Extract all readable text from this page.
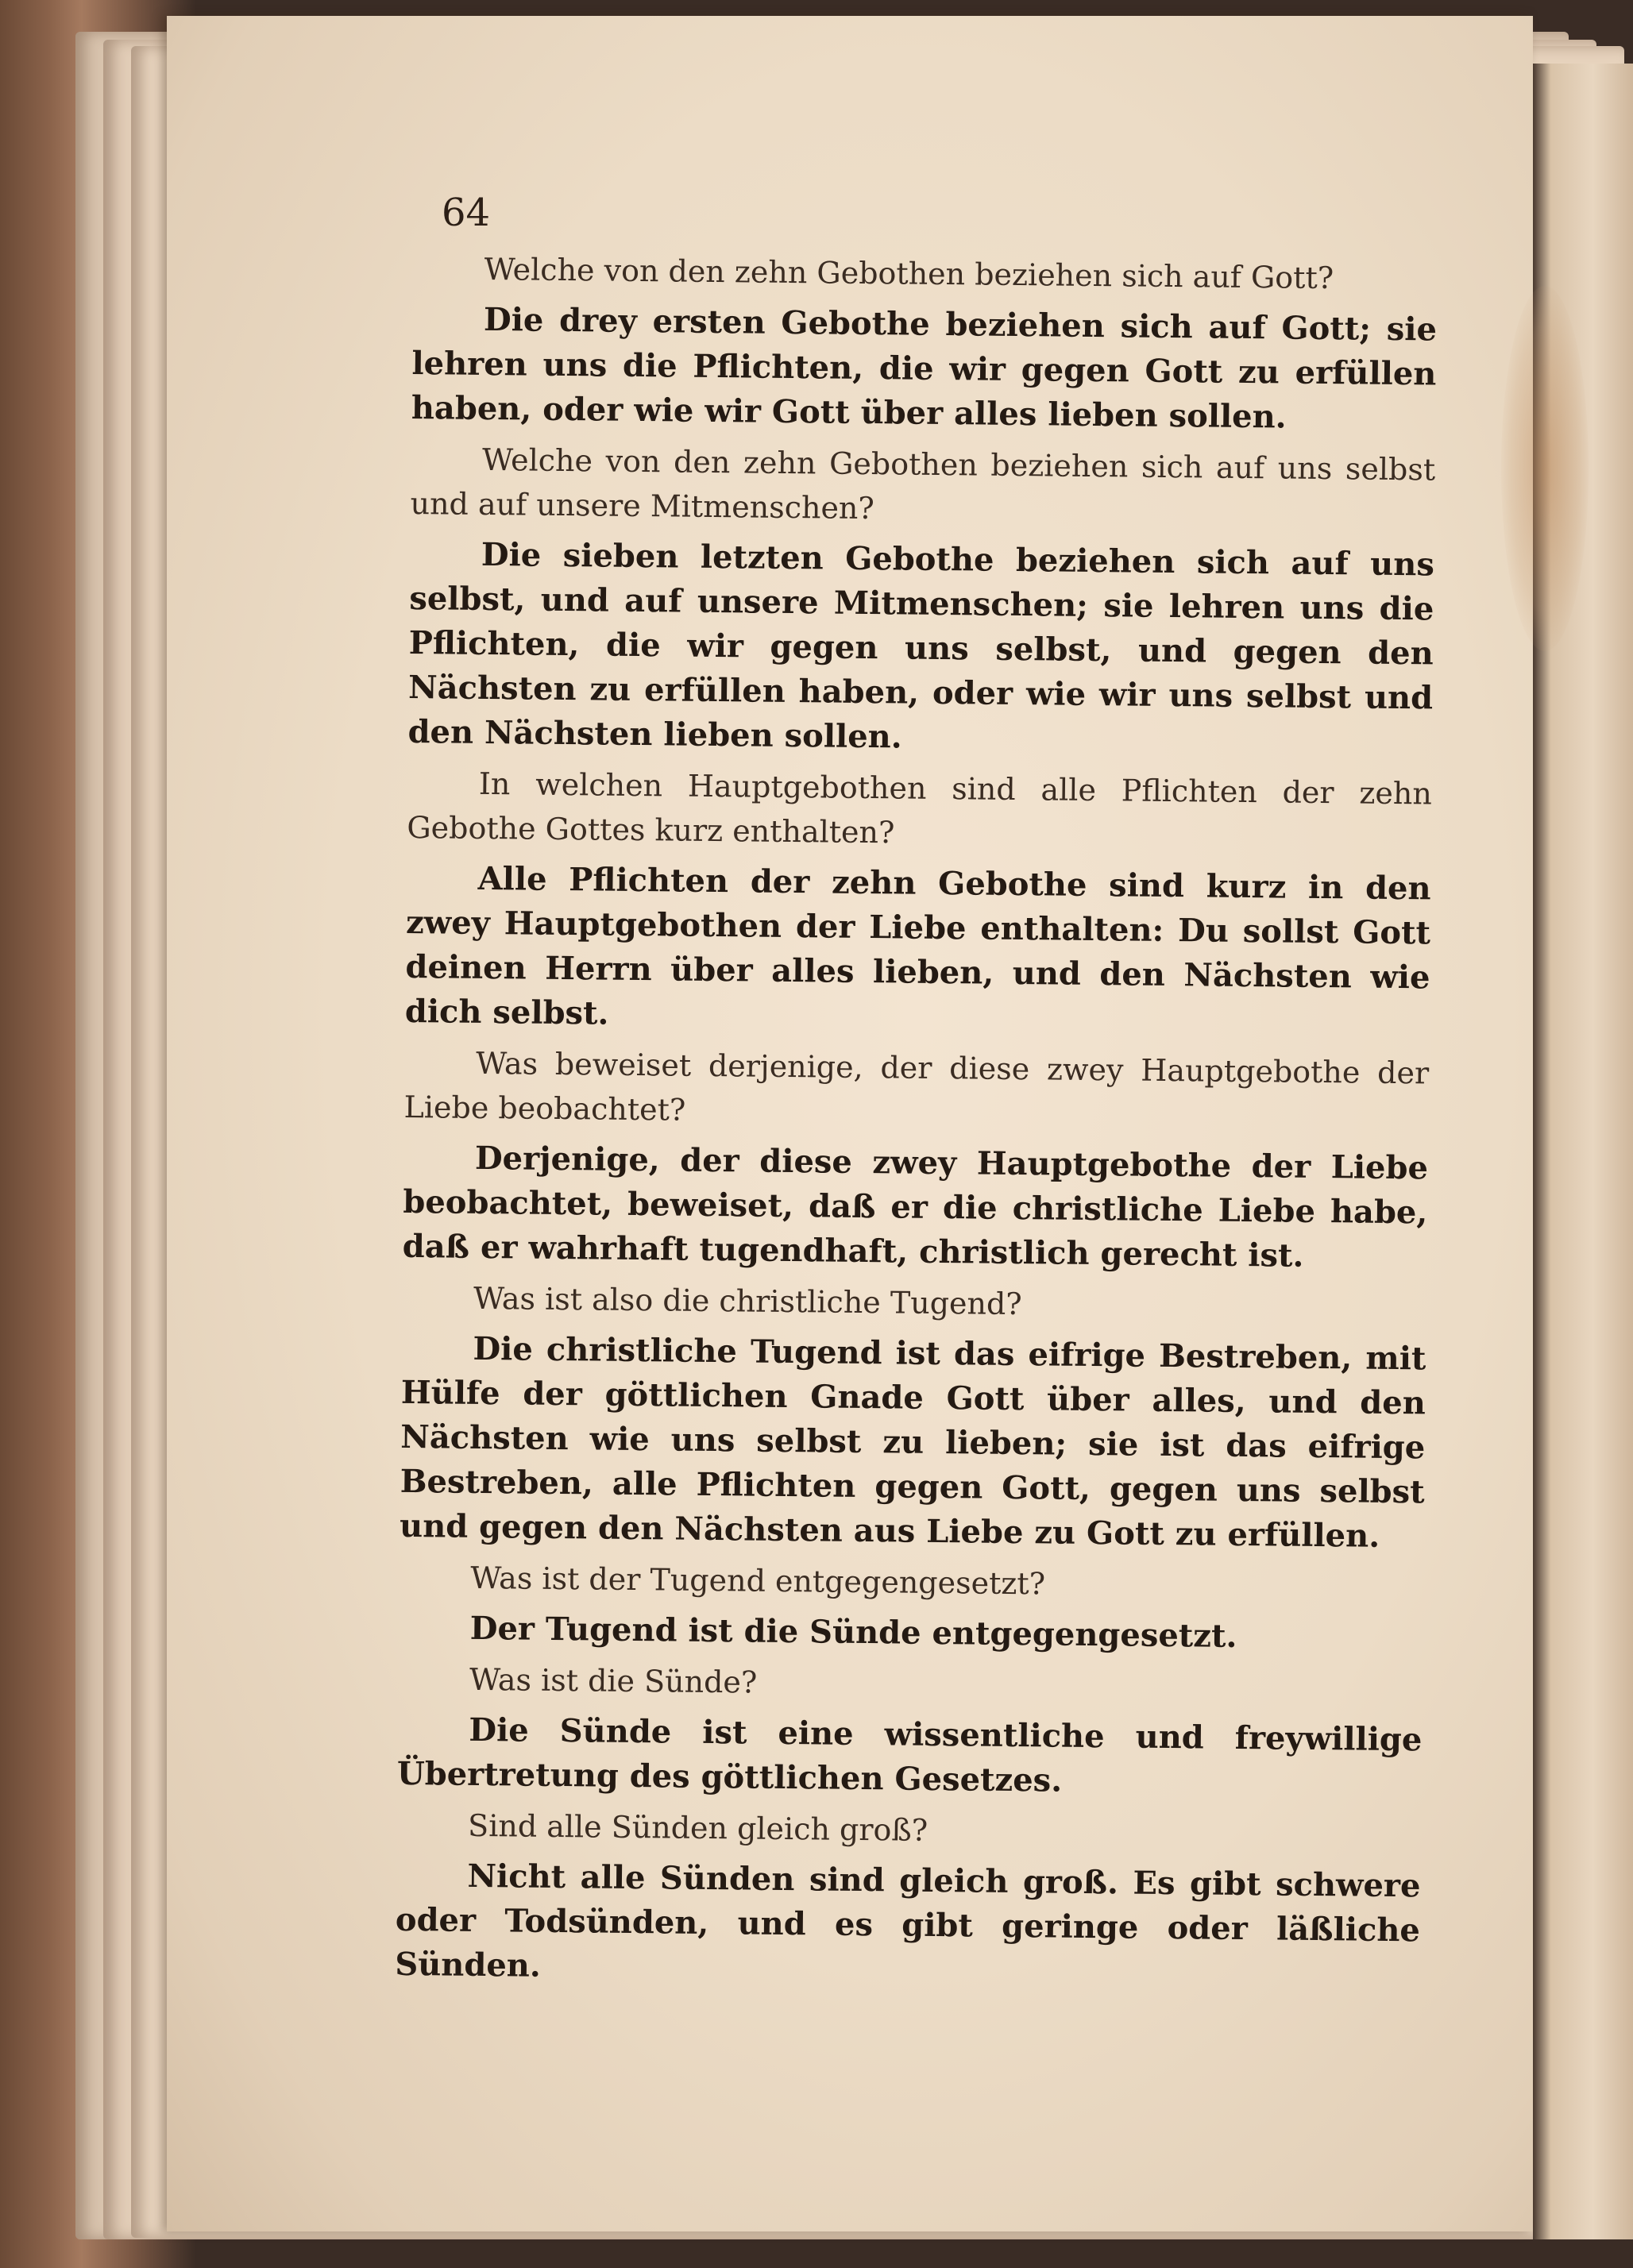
64

Welche von den zehn Gebothen beziehen sich auf Gott?

Die drey ersten Gebothe beziehen sich auf Gott; sie lehren uns die Pflichten, die wir gegen Gott zu erfüllen haben, oder wie wir Gott über alles lieben sollen.

Welche von den zehn Gebothen beziehen sich auf uns selbst und auf unsere Mitmenschen?

Die sieben letzten Gebothe beziehen sich auf uns selbst, und auf unsere Mitmenschen; sie lehren uns die Pflichten, die wir gegen uns selbst, und gegen den Nächsten zu erfüllen haben, oder wie wir uns selbst und den Nächsten lieben sollen.

In welchen Hauptgebothen sind alle Pflichten der zehn Gebothe Gottes kurz enthalten?

Alle Pflichten der zehn Gebothe sind kurz in den zwey Hauptgebothen der Liebe enthalten: Du sollst Gott deinen Herrn über alles lieben, und den Nächsten wie dich selbst.

Was beweiset derjenige, der diese zwey Hauptgebothe der Liebe beobachtet?

Derjenige, der diese zwey Hauptgebothe der Liebe beobachtet, beweiset, daß er die christliche Liebe habe, daß er wahrhaft tugendhaft, christlich gerecht ist.

Was ist also die christliche Tugend?

Die christliche Tugend ist das eifrige Bestreben, mit Hülfe der göttlichen Gnade Gott über alles, und den Nächsten wie uns selbst zu lieben; sie ist das eifrige Bestreben, alle Pflichten gegen Gott, gegen uns selbst und gegen den Nächsten aus Liebe zu Gott zu erfüllen.

Was ist der Tugend entgegengesetzt?

Der Tugend ist die Sünde entgegengesetzt.

Was ist die Sünde?

Die Sünde ist eine wissentliche und freywillige Übertretung des göttlichen Gesetzes.

Sind alle Sünden gleich groß?

Nicht alle Sünden sind gleich groß. Es gibt schwere oder Todsünden, und es gibt geringe oder läßliche Sünden.
